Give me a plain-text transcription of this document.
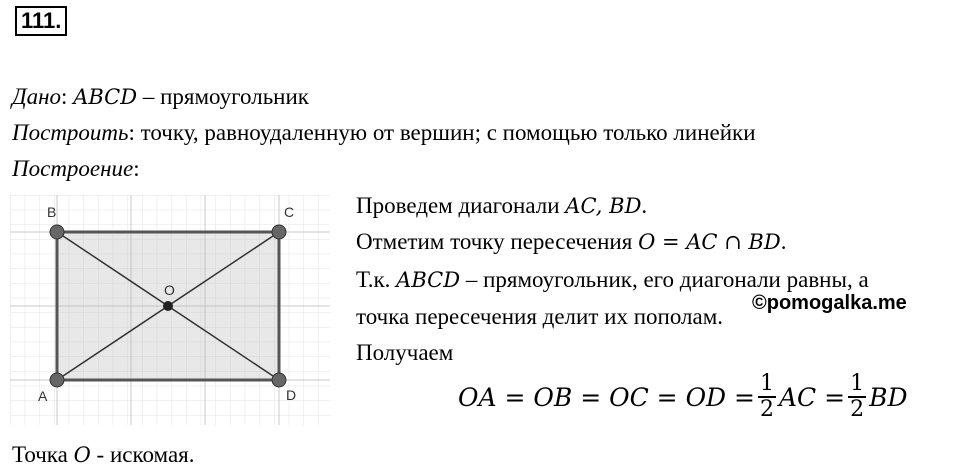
111.
Дано: ABCD – прямоугольник
Построить: точку, равноудаленную от вершин; с помощью только линейки
Построение:
B	C
A	D
O
Проведем диагонали AC, BD.
Отметим точку пересечения O = AC ∩ BD.
Т.к. ABCD – прямоугольник, его диагонали равны, а
точка пересечения делит их пополам.
Получаем
©pomogalka.me
OA = OB = OC = OD = $\frac{1}{2}$ AC = $\frac{1}{2}$ BD
Точка O - искомая.
